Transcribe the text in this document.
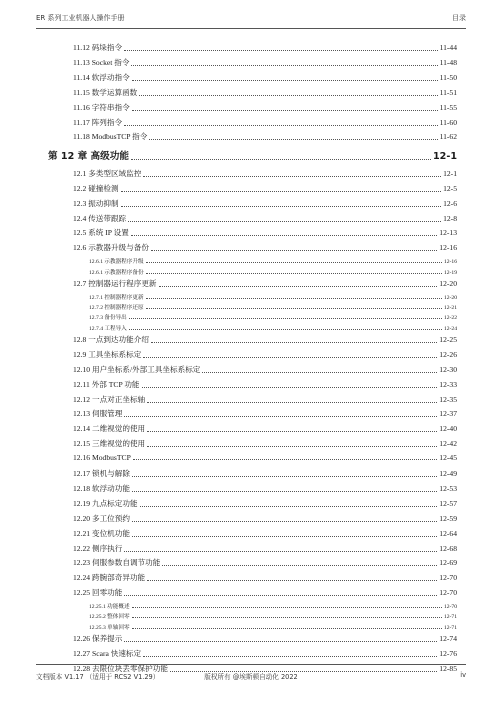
ER 系列工业机器人操作手册	目录
11.12 码垛指令	11-44
11.13 Socket 指令	11-48
11.14 软浮动指令	11-50
11.15 数学运算函数	11-51
11.16 字符串指令	11-55
11.17 阵列指令	11-60
11.18 ModbusTCP 指令	11-62
第 12 章 高级功能	12-1
12.1 多类型区域监控	12-1
12.2 碰撞检测	12-5
12.3 振动抑制	12-6
12.4 传送带跟踪	12-8
12.5 系统 IP 设置	12-13
12.6 示教器升级与备份	12-16
12.6.1 示教器程序升级	12-16
12.6.1 示教器程序备份	12-19
12.7 控制器运行程序更新	12-20
12.7.1 控制器程序更新	12-20
12.7.2 控制器程序还原	12-21
12.7.3 备份导出	12-22
12.7.4 工程导入	12-24
12.8 一点到达功能介绍	12-25
12.9 工具坐标系标定	12-26
12.10 用户坐标系/外部工具坐标系标定	12-30
12.11 外部 TCP 功能	12-33
12.12 一点对正坐标轴	12-35
12.13 伺服管理	12-37
12.14 二维视觉的使用	12-40
12.15 三维视觉的使用	12-42
12.16 ModbusTCP	12-45
12.17 锁机与解除	12-49
12.18 软浮动功能	12-53
12.19 九点标定功能	12-57
12.20 多工位预约	12-59
12.21 变位机功能	12-64
12.22 侧序执行	12-68
12.23 伺服参数自调节功能	12-69
12.24 跨腕部奇异功能	12-70
12.25 回零功能	12-70
12.25.1 功能概述	12-70
12.25.2 整体回零	12-71
12.25.3 单轴回零	12-71
12.26 保养提示	12-74
12.27 Scara 快速标定	12-76
12.28 去限位块丢零保护功能	12-85
文档版本 V1.17 （适用于 RCS2 V1.29）	版权所有 @埃斯顿自动化 2022	iv
